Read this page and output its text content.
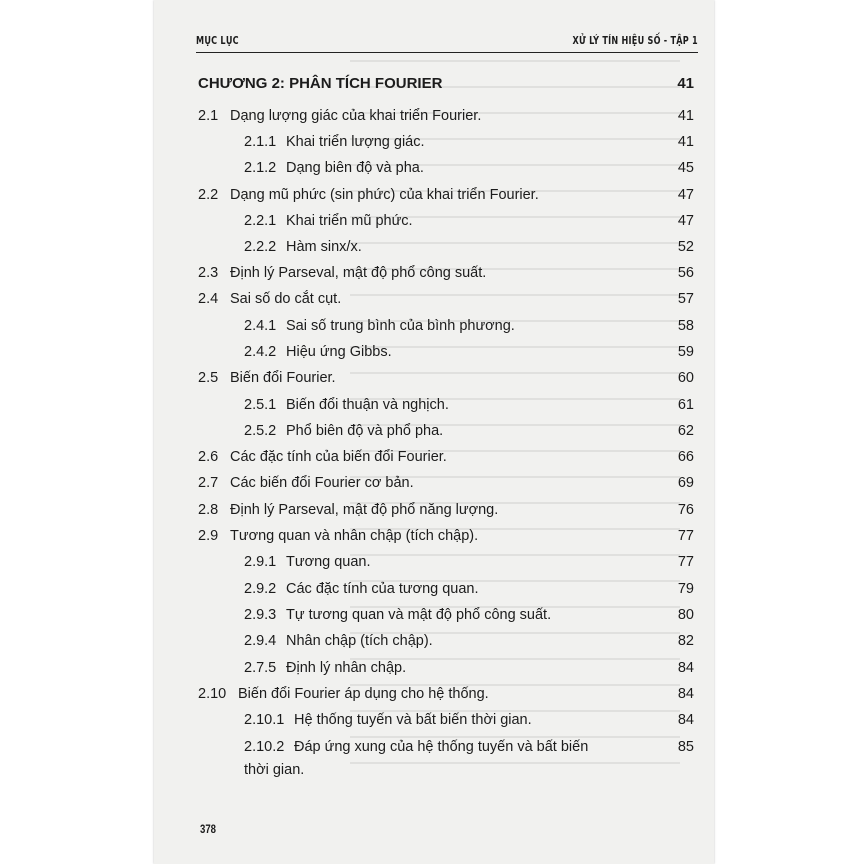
MỤC LỤC	XỬ LÝ TÍN HIỆU SỐ - TẬP 1
CHƯƠNG 2: PHÂN TÍCH FOURIER	41
2.1 Dạng lượng giác của khai triển Fourier.	41
2.1.1 Khai triển lượng giác.	41
2.1.2 Dạng biên độ và pha.	45
2.2 Dạng mũ phức (sin phức) của khai triển Fourier.	47
2.2.1 Khai triển mũ phức.	47
2.2.2 Hàm sinx/x.	52
2.3 Định lý Parseval, mật độ phổ công suất.	56
2.4 Sai số do cắt cụt.	57
2.4.1 Sai số trung bình của bình phương.	58
2.4.2 Hiệu ứng Gibbs.	59
2.5 Biến đổi Fourier.	60
2.5.1 Biến đổi thuận và nghịch.	61
2.5.2 Phổ biên độ và phổ pha.	62
2.6 Các đặc tính của biến đổi Fourier.	66
2.7 Các biến đổi Fourier cơ bản.	69
2.8 Định lý Parseval, mật độ phổ năng lượng.	76
2.9 Tương quan và nhân chập (tích chập).	77
2.9.1 Tương quan.	77
2.9.2 Các đặc tính của tương quan.	79
2.9.3 Tự tương quan và mật độ phổ công suất.	80
2.9.4 Nhân chập (tích chập).	82
2.7.5 Định lý nhân chập.	84
2.10 Biến đổi Fourier áp dụng cho hệ thống.	84
2.10.1 Hệ thống tuyến và bất biến thời gian.	84
2.10.2 Đáp ứng xung của hệ thống tuyến và bất biến	85
thời gian.
378
